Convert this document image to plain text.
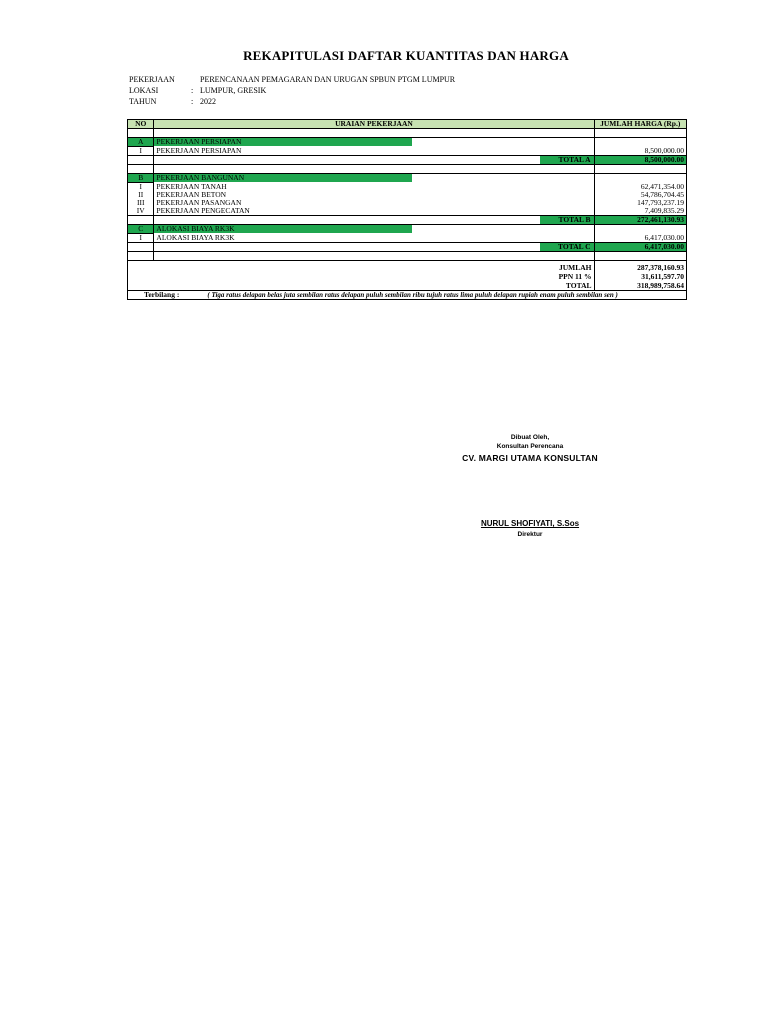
REKAPITULASI DAFTAR KUANTITAS DAN HARGA
PEKERJAAN	PERENCANAAN PEMAGARAN DAN URUGAN SPBUN PTGM LUMPUR
LOKASI	: LUMPUR, GRESIK
TAHUN	: 2022
NO	URAIAN PEKERJAAN	JUMLAH HARGA (Rp.)

A	PEKERJAAN PERSIAPAN	
I	PEKERJAAN PERSIAPAN	8,500,000.00
	TOTAL A	8,500,000.00

B	PEKERJAAN BANGUNAN	
I	PEKERJAAN TANAH	62,471,354.00
II	PEKERJAAN BETON	54,786,704.45
III	PEKERJAAN PASANGAN	147,793,237.19
IV	PEKERJAAN PENGECATAN	7,409,835.29
	TOTAL B	272,461,130.93
C	ALOKASI BIAYA RK3K	
I	ALOKASI BIAYA RK3K	6,417,030.00
	TOTAL C	6,417,030.00

	JUMLAH	287,378,160.93
	PPN 11 %	31,611,597.70
	TOTAL	318,989,758.64
Terbilang : ( Tiga ratus delapan belas juta sembilan ratus delapan puluh sembilan ribu tujuh ratus lima puluh delapan rupiah enam puluh sembilan sen )		
Dibuat Oleh,
Konsultan Perencana
CV. MARGI UTAMA KONSULTAN
NURUL SHOFIYATI, S.Sos
Direktur
